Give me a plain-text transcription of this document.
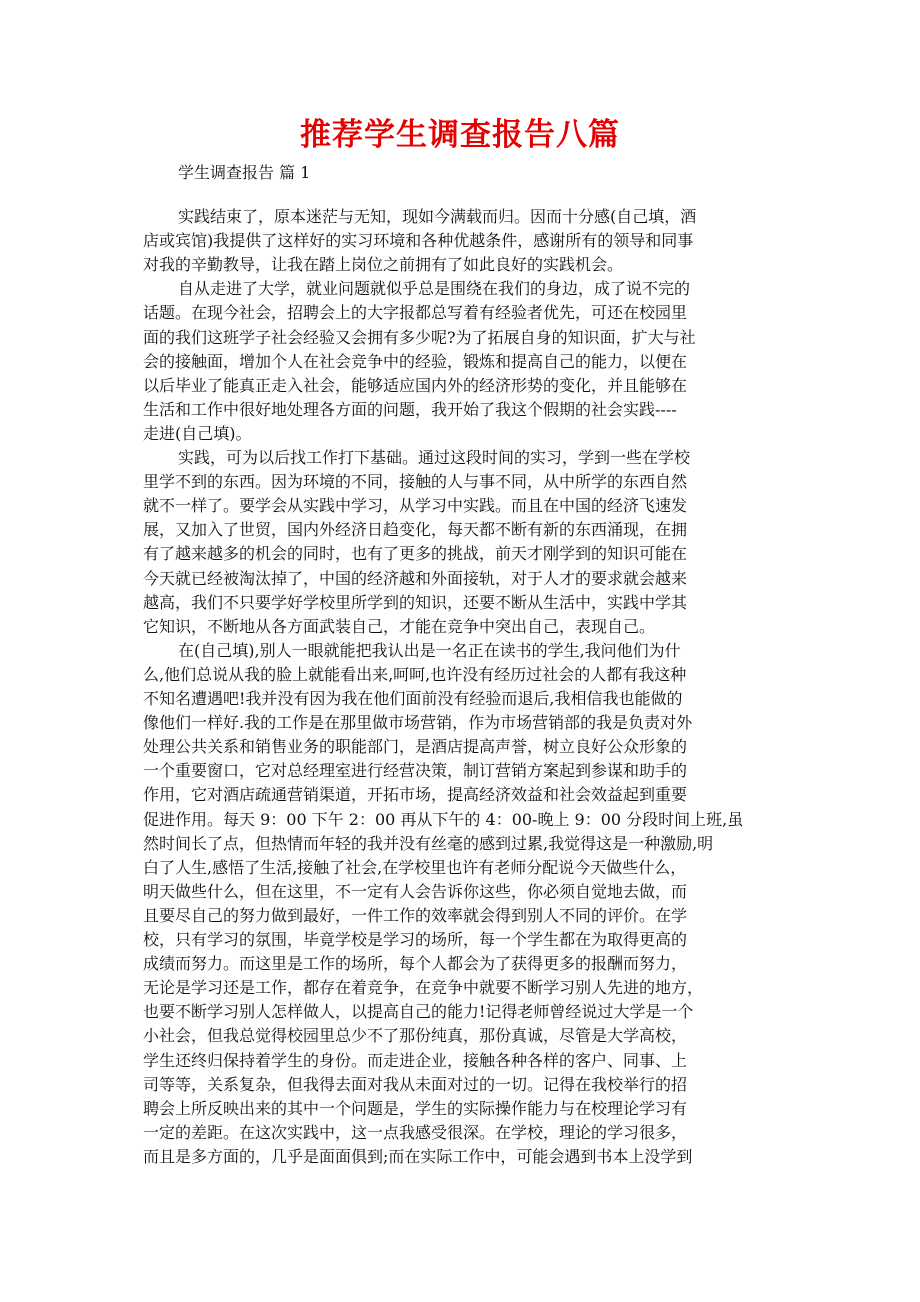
推荐学生调查报告八篇
学生调查报告 篇 1
实践结束了，原本迷茫与无知，现如今满载而归。因而十分感(自己填，酒
店或宾馆)我提供了这样好的实习环境和各种优越条件，感谢所有的领导和同事
对我的辛勤教导，让我在踏上岗位之前拥有了如此良好的实践机会。
自从走进了大学，就业问题就似乎总是围绕在我们的身边，成了说不完的
话题。在现今社会，招聘会上的大字报都总写着有经验者优先，可还在校园里
面的我们这班学子社会经验又会拥有多少呢?为了拓展自身的知识面，扩大与社
会的接触面，增加个人在社会竞争中的经验，锻炼和提高自己的能力，以便在
以后毕业了能真正走入社会，能够适应国内外的经济形势的变化，并且能够在
生活和工作中很好地处理各方面的问题，我开始了我这个假期的社会实践----
走进(自己填)。
实践，可为以后找工作打下基础。通过这段时间的实习，学到一些在学校
里学不到的东西。因为环境的不同，接触的人与事不同，从中所学的东西自然
就不一样了。要学会从实践中学习，从学习中实践。而且在中国的经济飞速发
展，又加入了世贸，国内外经济日趋变化，每天都不断有新的东西涌现，在拥
有了越来越多的机会的同时，也有了更多的挑战，前天才刚学到的知识可能在
今天就已经被淘汰掉了，中国的经济越和外面接轨，对于人才的要求就会越来
越高，我们不只要学好学校里所学到的知识，还要不断从生活中，实践中学其
它知识，不断地从各方面武装自己，才能在竞争中突出自己，表现自己。
在(自己填),别人一眼就能把我认出是一名正在读书的学生,我问他们为什
么,他们总说从我的脸上就能看出来,呵呵,也许没有经历过社会的人都有我这种
不知名遭遇吧!我并没有因为我在他们面前没有经验而退后,我相信我也能做的
像他们一样好.我的工作是在那里做市场营销，作为市场营销部的我是负责对外
处理公共关系和销售业务的职能部门，是酒店提高声誉，树立良好公众形象的
一个重要窗口，它对总经理室进行经营决策，制订营销方案起到参谋和助手的
作用，它对酒店疏通营销渠道，开拓市场，提高经济效益和社会效益起到重要
促进作用。每天 9：00 下午 2：00 再从下午的 4：00-晚上 9：00 分段时间上班,虽
然时间长了点，但热情而年轻的我并没有丝毫的感到过累,我觉得这是一种激励,明
白了人生,感悟了生活,接触了社会,在学校里也许有老师分配说今天做些什么，
明天做些什么，但在这里，不一定有人会告诉你这些，你必须自觉地去做，而
且要尽自己的努力做到最好，一件工作的效率就会得到别人不同的评价。在学
校，只有学习的氛围，毕竟学校是学习的场所，每一个学生都在为取得更高的
成绩而努力。而这里是工作的场所，每个人都会为了获得更多的报酬而努力，
无论是学习还是工作，都存在着竞争，在竞争中就要不断学习别人先进的地方，
也要不断学习别人怎样做人，以提高自己的能力!记得老师曾经说过大学是一个
小社会，但我总觉得校园里总少不了那份纯真，那份真诚，尽管是大学高校，
学生还终归保持着学生的身份。而走进企业，接触各种各样的客户、同事、上
司等等，关系复杂，但我得去面对我从未面对过的一切。记得在我校举行的招
聘会上所反映出来的其中一个问题是，学生的实际操作能力与在校理论学习有
一定的差距。在这次实践中，这一点我感受很深。在学校，理论的学习很多，
而且是多方面的，几乎是面面俱到;而在实际工作中，可能会遇到书本上没学到
